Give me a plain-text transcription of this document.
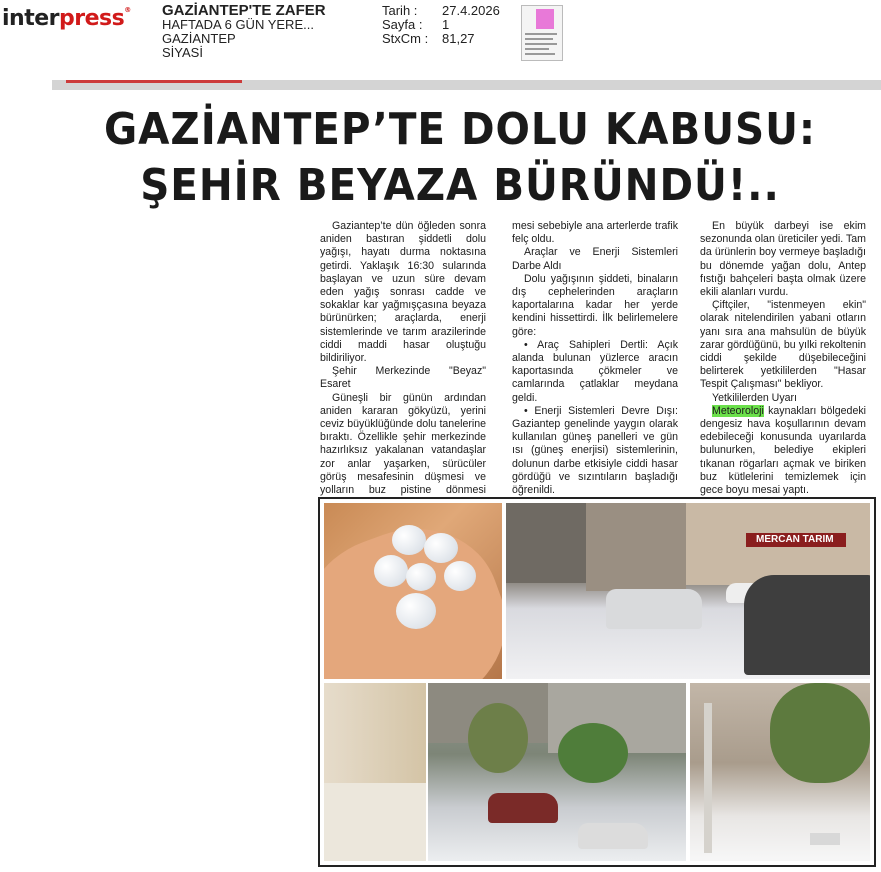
interpress® GAZİANTEP'TE ZAFER
HAFTADA 6 GÜN YERE...
GAZİANTEP
SİYASİ
Tarih :
Sayfa :
StxCm :
27.4.2026
1
81,27
GAZİANTEP’TE DOLU KABUSU:
ŞEHİR BEYAZA BÜRÜNDÜ!..

Gaziantep’te dün öğleden sonra aniden bastıran şiddetli dolu yağışı, hayatı durma noktasına getirdi. Yaklaşık 16:30 sularında başlayan ve uzun süre devam eden yağış sonrası cadde ve sokaklar kar yağmışçasına beyaza bürünürken; araçlarda, enerji sistemlerinde ve tarım arazilerinde ciddi maddi hasar oluştuğu bildiriliyor.

Şehir Merkezinde "Beyaz" Esaret

Güneşli bir günün ardından aniden kararan gökyüzü, yerini ceviz büyüklüğünde dolu tanelerine bıraktı. Özellikle şehir merkezinde hazırlıksız yakalanan vatandaşlar zor anlar yaşarken, sürücüler görüş mesafesinin düşmesi ve yolların buz pistine dönmesi

mesi sebebiyle ana arterlerde trafik felç oldu.

Araçlar ve Enerji Sistemleri Darbe Aldı

Dolu yağışının şiddeti, binaların dış cephelerinden araçların kaportalarına kadar her yerde kendini hissettirdi. İlk belirlemelere göre:

• Araç Sahipleri Dertli: Açık alanda bulunan yüzlerce aracın kaportasında çökmeler ve camlarında çatlaklar meydana geldi.

• Enerji Sistemleri Devre Dışı: Gaziantep genelinde yaygın olarak kullanılan güneş panelleri ve gün ısı (güneş enerjisi) sistemlerinin, dolunun darbe etkisiyle ciddi hasar gördüğü ve sızıntıların başladığı öğrenildi.

En büyük darbeyi ise ekim sezonunda olan üreticiler yedi. Tam da ürünlerin boy vermeye başladığı bu dönemde yağan dolu, Antep fıstığı bahçeleri başta olmak üzere ekili alanları vurdu.

Çiftçiler, "istenmeyen ekin" olarak nitelendirilen yabani otların yanı sıra ana mahsulün de büyük zarar gördüğünü, bu yılki rekoltenin ciddi şekilde düşebileceğini belirterek yetkililerden "Hasar Tespit Çalışması" bekliyor.

Yetkililerden Uyarı

Meteoroloji kaynakları bölgedeki dengesiz hava koşullarının devam edebileceği konusunda uyarılarda bulunurken, belediye ekipleri tıkanan rögarları açmak ve biriken buz kütlelerini temizlemek için gece boyu mesai yaptı.

MERCAN TARIM
